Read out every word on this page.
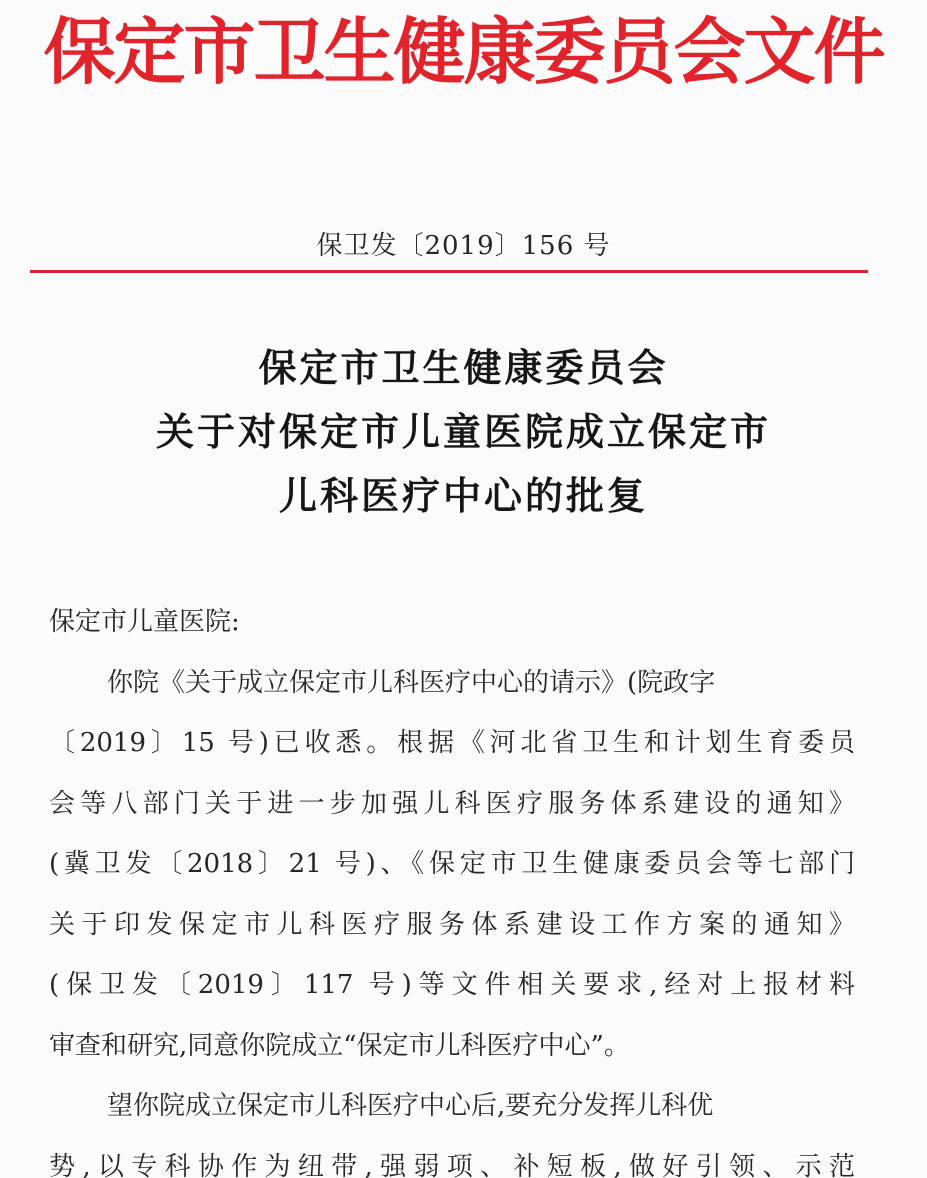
保定市卫生健康委员会文件
保卫发〔2019〕156 号
保定市卫生健康委员会
关于对保定市儿童医院成立保定市
儿科医疗中心的批复
保定市儿童医院:
你院《关于成立保定市儿科医疗中心的请示》(院政字
〔2019〕15 号)已收悉。根据《河北省卫生和计划生育委员
会等八部门关于进一步加强儿科医疗服务体系建设的通知》
(冀卫发〔2018〕21 号)、《保定市卫生健康委员会等七部门
关于印发保定市儿科医疗服务体系建设工作方案的通知》
(保卫发〔2019〕117 号)等文件相关要求,经对上报材料
审查和研究,同意你院成立“保定市儿科医疗中心”。
望你院成立保定市儿科医疗中心后,要充分发挥儿科优
势,以专科协作为纽带,强弱项、补短板,做好引领、示范
